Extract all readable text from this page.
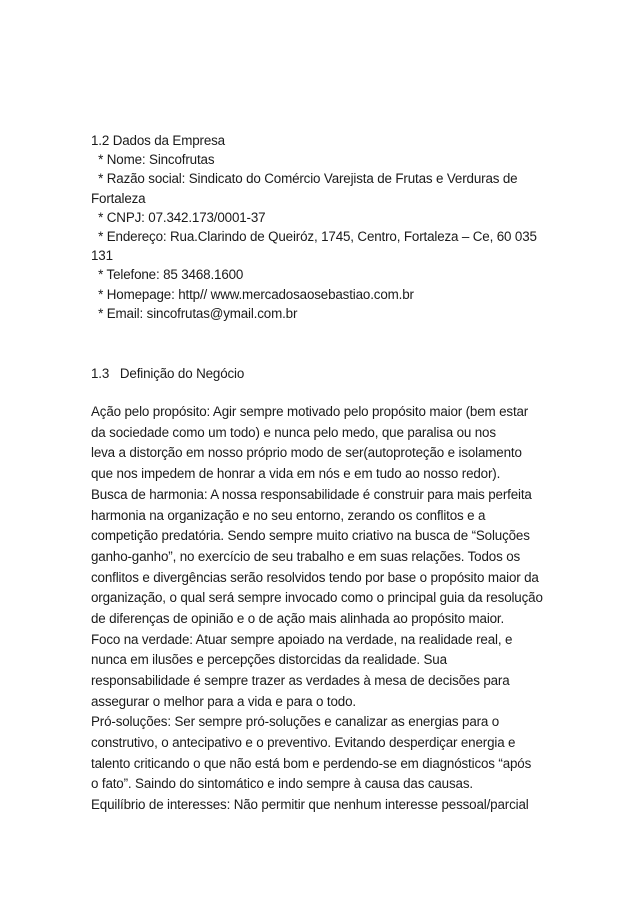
1.2 Dados da Empresa
* Nome: Sincofrutas
* Razão social: Sindicato do Comércio Varejista de Frutas e Verduras de
Fortaleza
* CNPJ: 07.342.173/0001-37
* Endereço: Rua.Clarindo de Queiróz, 1745, Centro, Fortaleza – Ce, 60 035
131
* Telefone: 85 3468.1600
* Homepage: http// www.mercadosaosebastiao.com.br
* Email: sincofrutas@ymail.com.br
1.3   Definição do Negócio
Ação pelo propósito: Agir sempre motivado pelo propósito maior (bem estar
da sociedade como um todo) e nunca pelo medo, que paralisa ou nos
leva a distorção em nosso próprio modo de ser(autoproteção e isolamento
que nos impedem de honrar a vida em nós e em tudo ao nosso redor).
Busca de harmonia: A nossa responsabilidade é construir para mais perfeita
harmonia na organização e no seu entorno, zerando os conflitos e a
competição predatória. Sendo sempre muito criativo na busca de “Soluções
ganho-ganho”, no exercício de seu trabalho e em suas relações. Todos os
conflitos e divergências serão resolvidos tendo por base o propósito maior da
organização, o qual será sempre invocado como o principal guia da resolução
de diferenças de opinião e o de ação mais alinhada ao propósito maior.
Foco na verdade: Atuar sempre apoiado na verdade, na realidade real, e
nunca em ilusões e percepções distorcidas da realidade. Sua
responsabilidade é sempre trazer as verdades à mesa de decisões para
assegurar o melhor para a vida e para o todo.
Pró-soluções: Ser sempre pró-soluções e canalizar as energias para o
construtivo, o antecipativo e o preventivo. Evitando desperdiçar energia e
talento criticando o que não está bom e perdendo-se em diagnósticos “após
o fato”. Saindo do sintomático e indo sempre à causa das causas.
Equilíbrio de interesses: Não permitir que nenhum interesse pessoal/parcial
